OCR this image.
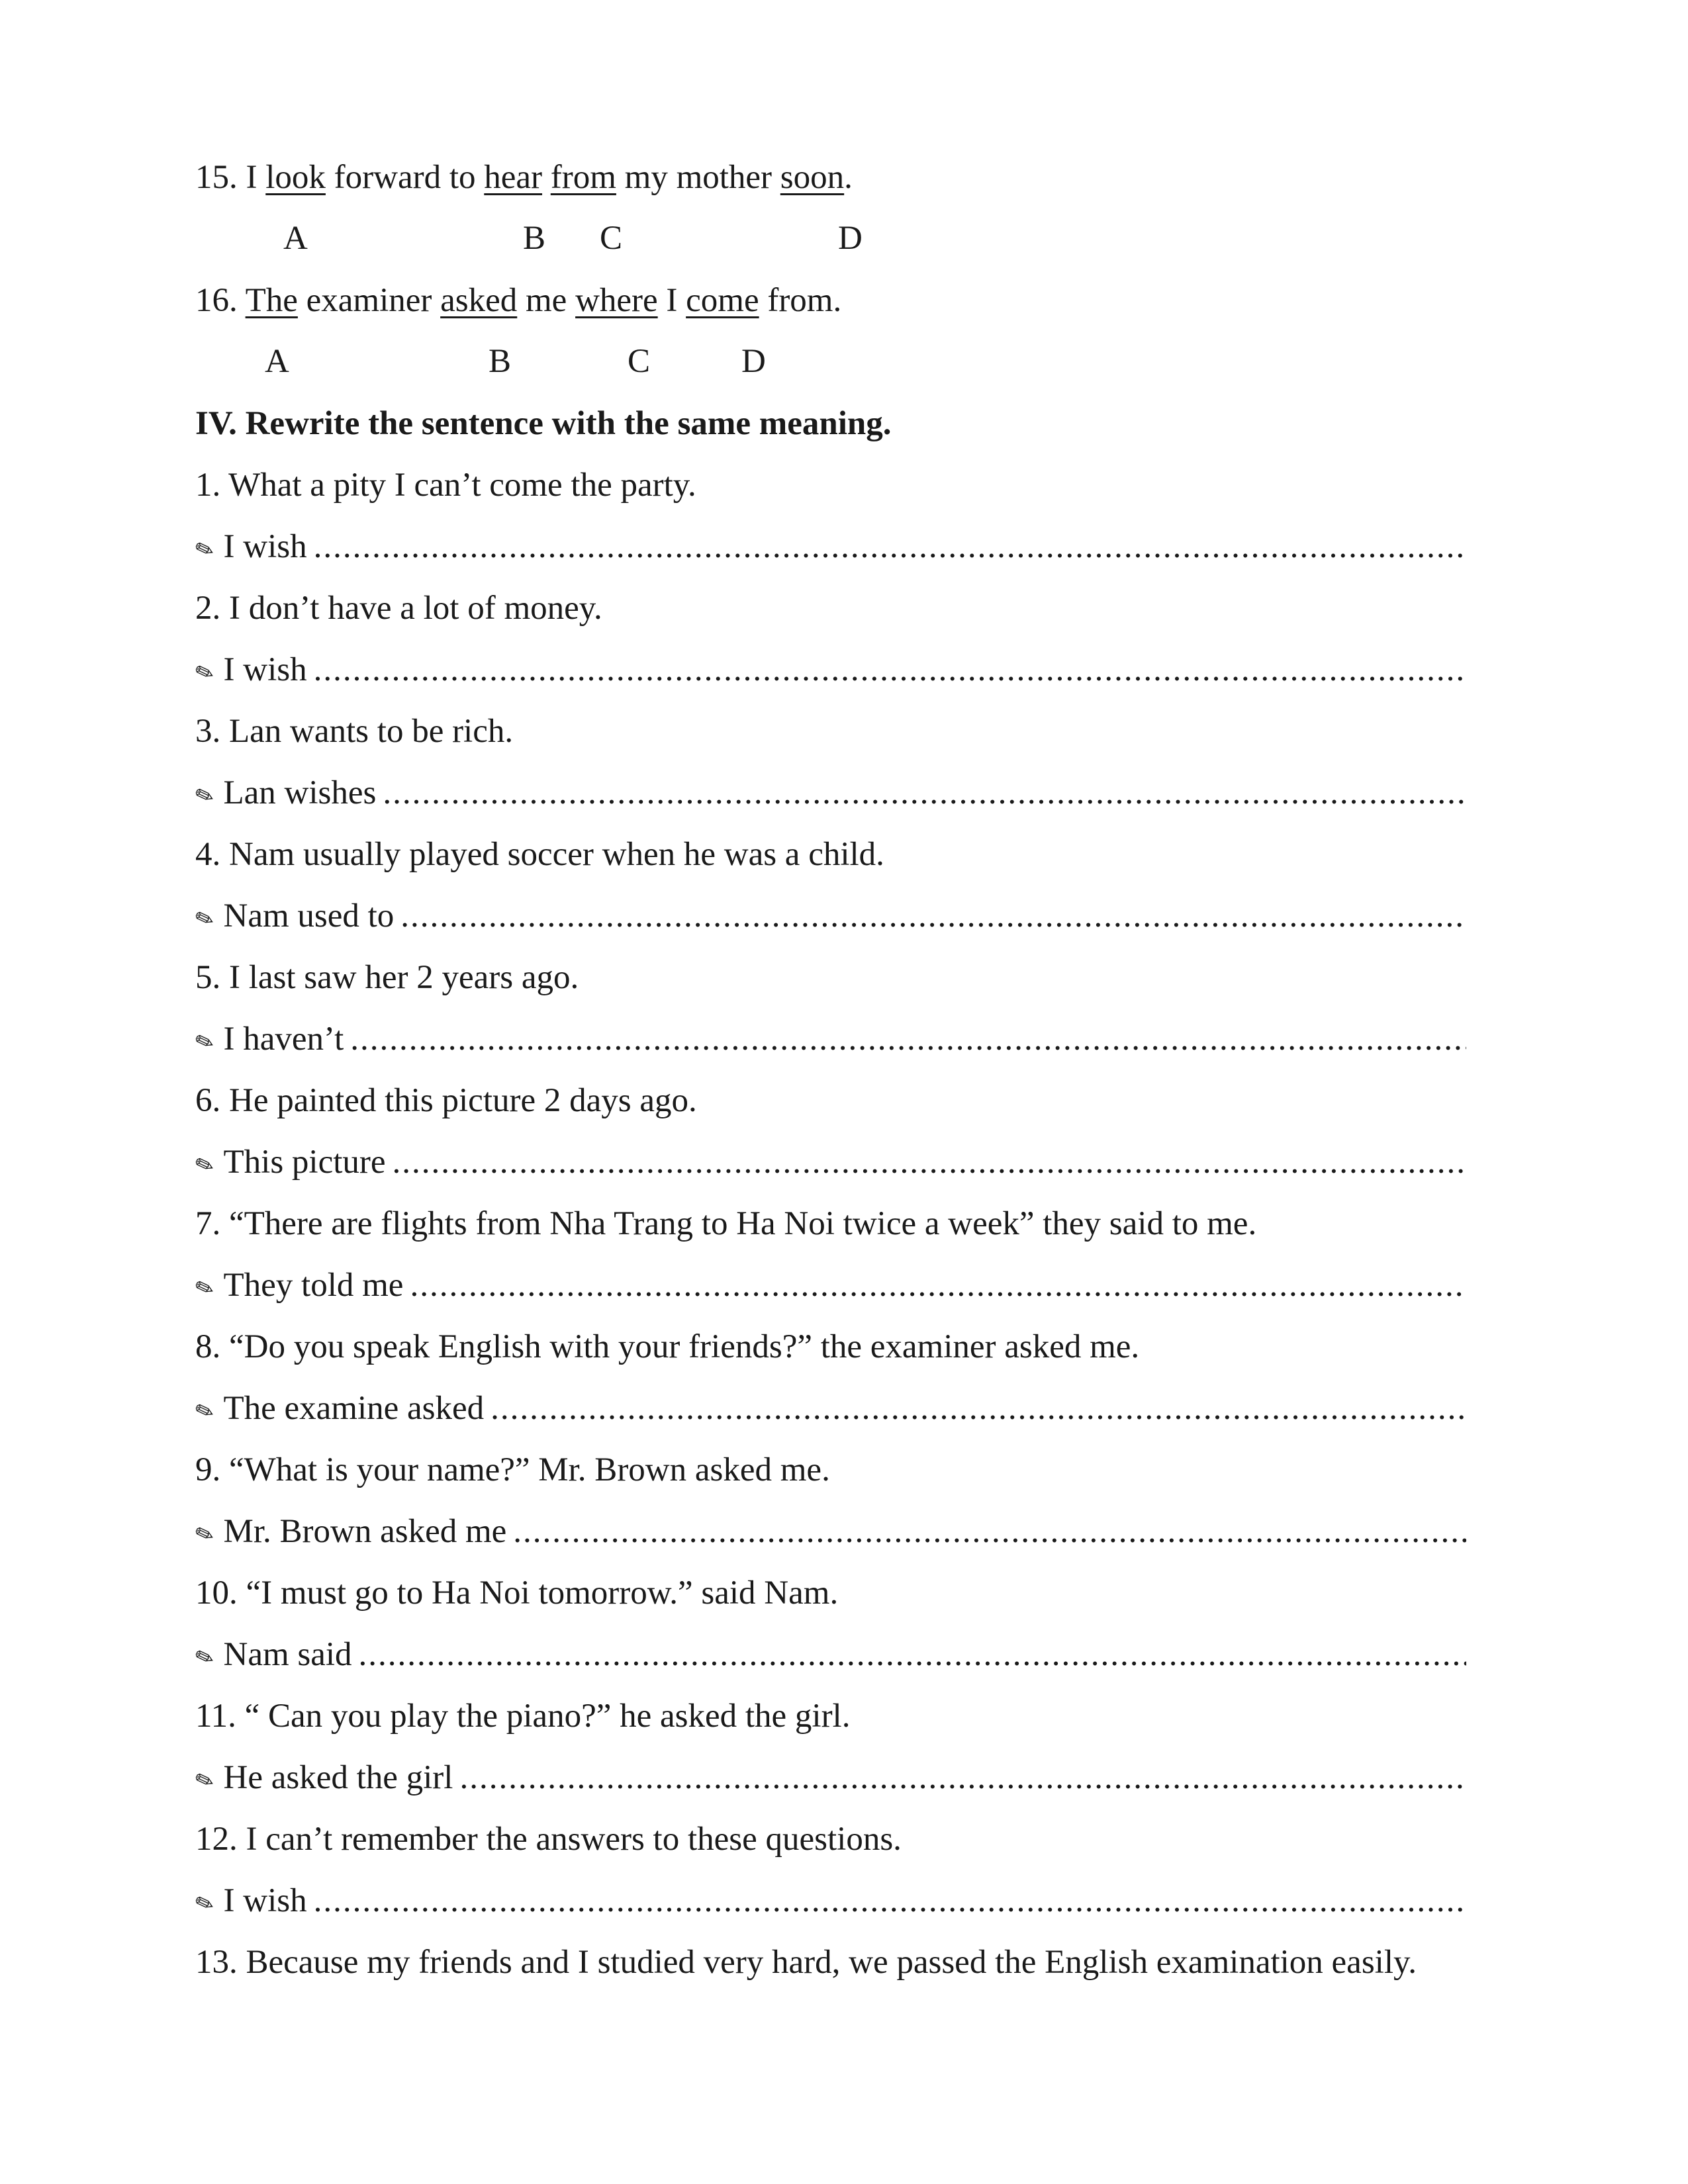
15. I look forward to hear from my mother soon.
A	B C	D
16. The examiner asked me where I come from.
A	B	C	D
IV. Rewrite the sentence with the same meaning.
1. What a pity I can’t come the party.
✎ I wish
.....
2. I don’t have a lot of money.
✎ I wish
.....
3. Lan wants to be rich.
✎ Lan wishes
.....
4. Nam usually played soccer when he was a child.
✎ Nam used to
.....
5. I last saw her 2 years ago.
✎ I haven’t
.....
6. He painted this picture 2 days ago.
✎ This picture
.....
7. “There are flights from Nha Trang to Ha Noi twice a week” they said to me.
✎ They told me
.....
8. “Do you speak English with your friends?” the examiner asked me.
✎ The examine asked
.....
9. “What is your name?” Mr. Brown asked me.
✎ Mr. Brown asked me
.....
10. “I must go to Ha Noi tomorrow.” said Nam.
✎ Nam said
.....
11. “ Can you play the piano?” he asked the girl.
✎ He asked the girl
.....
12. I can’t remember the answers to these questions.
✎ I wish
.....
13. Because my friends and I studied very hard, we passed the English examination easily.
